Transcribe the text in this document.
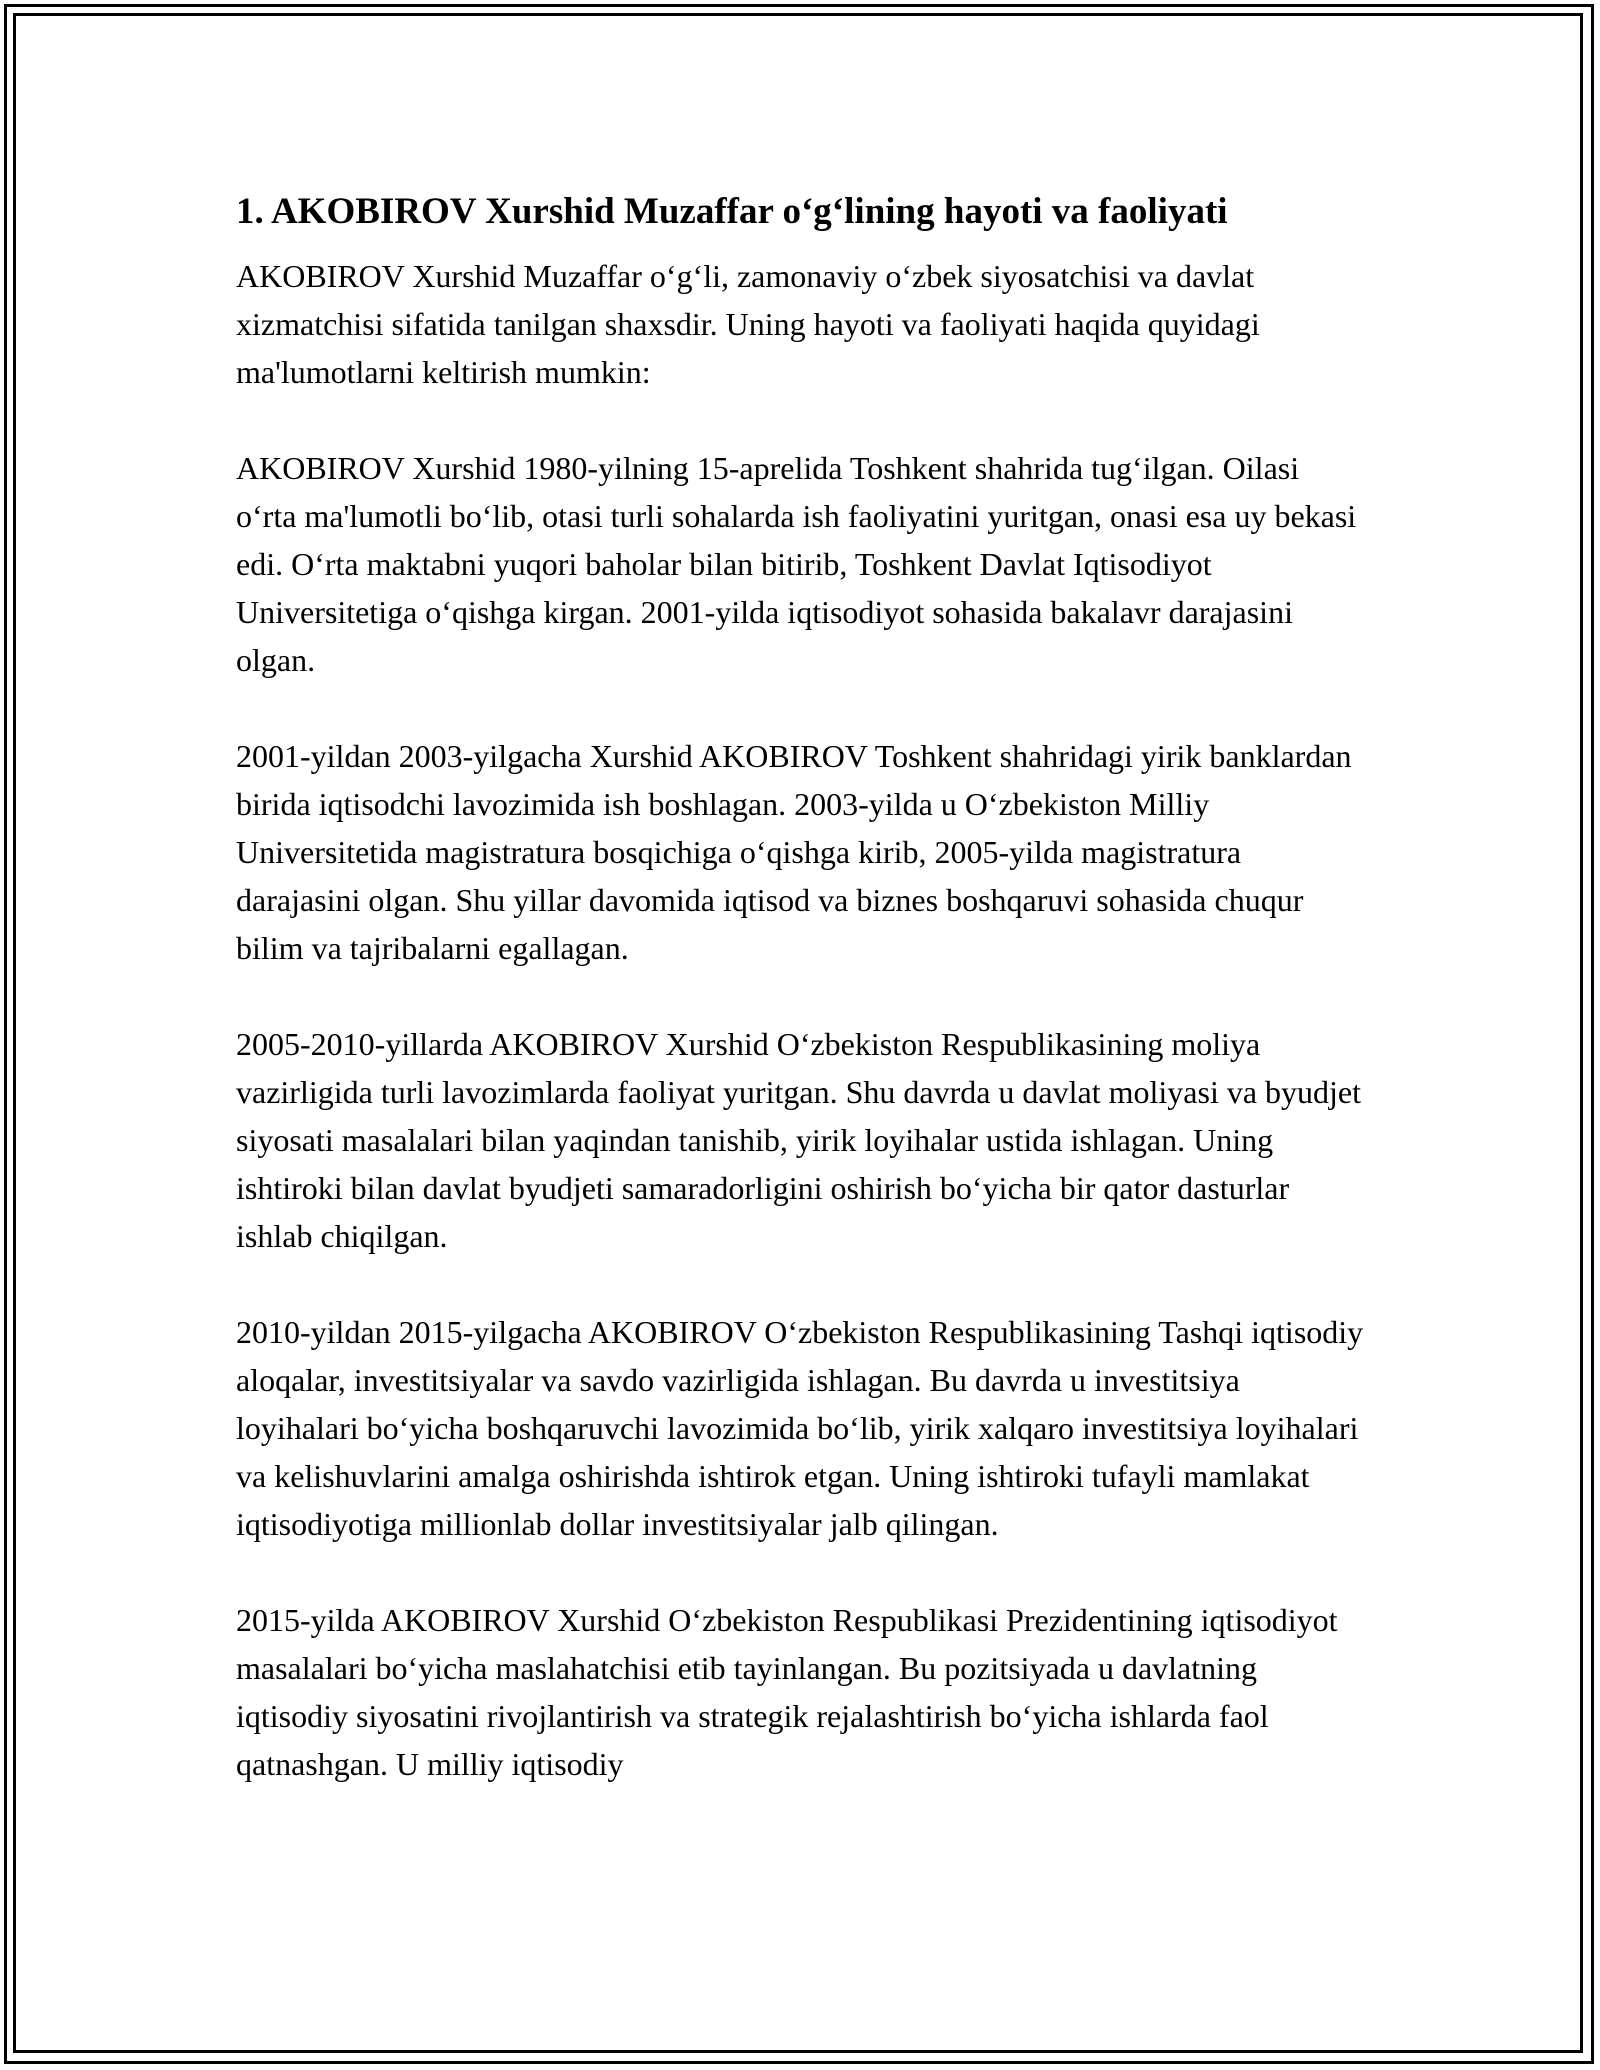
1. AKOBIROV Xurshid Muzaffar o‘g‘lining hayoti va faoliyati

AKOBIROV Xurshid Muzaffar o‘g‘li, zamonaviy o‘zbek siyosatchisi va davlat xizmatchisi sifatida tanilgan shaxsdir. Uning hayoti va faoliyati haqida quyidagi ma'lumotlarni keltirish mumkin:

AKOBIROV Xurshid 1980-yilning 15-aprelida Toshkent shahrida tug‘ilgan. Oilasi o‘rta ma'lumotli bo‘lib, otasi turli sohalarda ish faoliyatini yuritgan, onasi esa uy bekasi edi. O‘rta maktabni yuqori baholar bilan bitirib, Toshkent Davlat Iqtisodiyot Universitetiga o‘qishga kirgan. 2001-yilda iqtisodiyot sohasida bakalavr darajasini olgan.

2001-yildan 2003-yilgacha Xurshid AKOBIROV Toshkent shahridagi yirik banklardan birida iqtisodchi lavozimida ish boshlagan. 2003-yilda u O‘zbekiston Milliy Universitetida magistratura bosqichiga o‘qishga kirib, 2005-yilda magistratura darajasini olgan. Shu yillar davomida iqtisod va biznes boshqaruvi sohasida chuqur bilim va tajribalarni egallagan.

2005-2010-yillarda AKOBIROV Xurshid O‘zbekiston Respublikasining moliya vazirligida turli lavozimlarda faoliyat yuritgan. Shu davrda u davlat moliyasi va byudjet siyosati masalalari bilan yaqindan tanishib, yirik loyihalar ustida ishlagan. Uning ishtiroki bilan davlat byudjeti samaradorligini oshirish bo‘yicha bir qator dasturlar ishlab chiqilgan.

2010-yildan 2015-yilgacha AKOBIROV O‘zbekiston Respublikasining Tashqi iqtisodiy aloqalar, investitsiyalar va savdo vazirligida ishlagan. Bu davrda u investitsiya loyihalari bo‘yicha boshqaruvchi lavozimida bo‘lib, yirik xalqaro investitsiya loyihalari va kelishuvlarini amalga oshirishda ishtirok etgan. Uning ishtiroki tufayli mamlakat iqtisodiyotiga millionlab dollar investitsiyalar jalb qilingan.

2015-yilda AKOBIROV Xurshid O‘zbekiston Respublikasi Prezidentining iqtisodiyot masalalari bo‘yicha maslahatchisi etib tayinlangan. Bu pozitsiyada u davlatning iqtisodiy siyosatini rivojlantirish va strategik rejalashtirish bo‘yicha ishlarda faol qatnashgan. U milliy iqtisodiy
